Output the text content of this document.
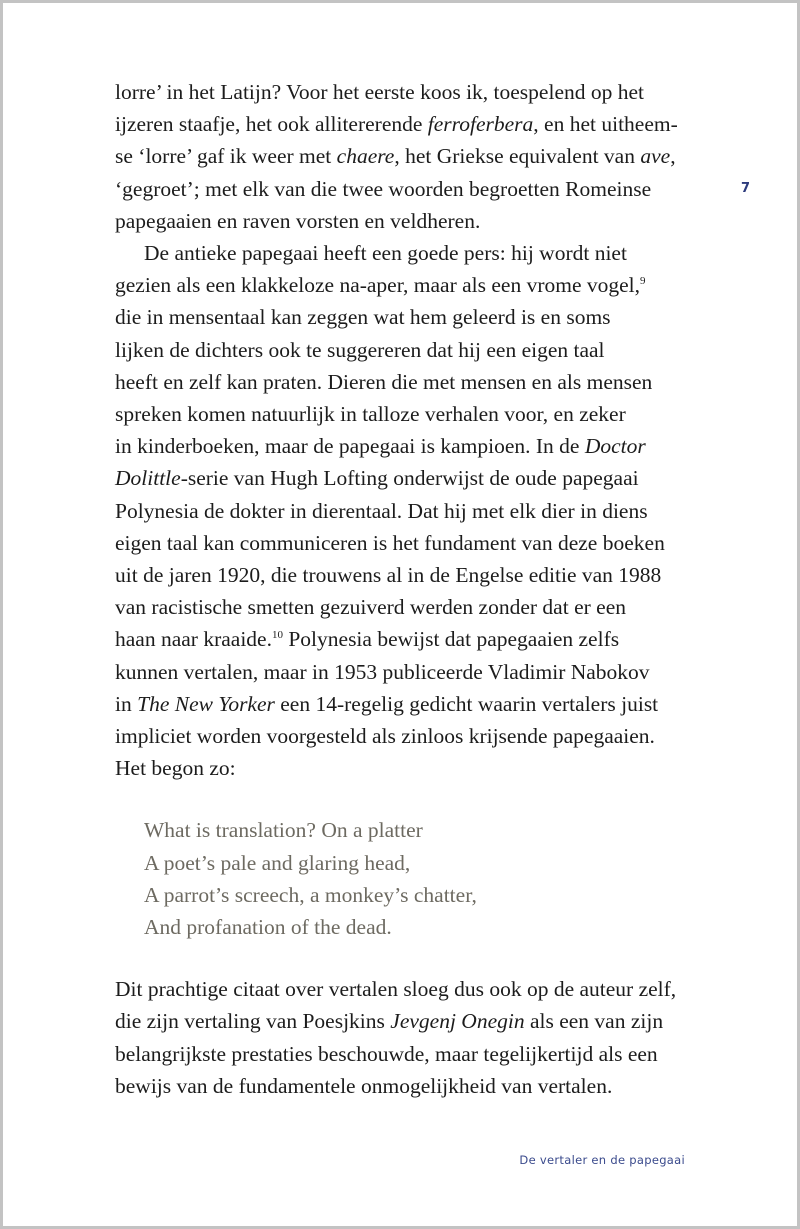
lorre’ in het Latijn? Voor het eerste koos ik, toespelend op het
ijzeren staafje, het ook allitererende ferroferbera, en het uitheem-
se ‘lorre’ gaf ik weer met chaere, het Griekse equivalent van ave,
‘gegroet’; met elk van die twee woorden begroetten Romeinse
papegaaien en raven vorsten en veldheren.
De antieke papegaai heeft een goede pers: hij wordt niet
gezien als een klakkeloze na-aper, maar als een vrome vogel,$^9$
die in mensentaal kan zeggen wat hem geleerd is en soms
lijken de dichters ook te suggereren dat hij een eigen taal
heeft en zelf kan praten. Dieren die met mensen en als mensen
spreken komen natuurlijk in talloze verhalen voor, en zeker
in kinderboeken, maar de papegaai is kampioen. In de Doctor
Dolittle-serie van Hugh Lofting onderwijst de oude papegaai
Polynesia de dokter in dierentaal. Dat hij met elk dier in diens
eigen taal kan communiceren is het fundament van deze boeken
uit de jaren 1920, die trouwens al in de Engelse editie van 1988
van racistische smetten gezuiverd werden zonder dat er een
haan naar kraaide.$^{10}$ Polynesia bewijst dat papegaaien zelfs
kunnen vertalen, maar in 1953 publiceerde Vladimir Nabokov
in The New Yorker een 14-regelig gedicht waarin vertalers juist
impliciet worden voorgesteld als zinloos krijsende papegaaien.
Het begon zo:
What is translation? On a platter
A poet’s pale and glaring head,
A parrot’s screech, a monkey’s chatter,
And profanation of the dead.
Dit prachtige citaat over vertalen sloeg dus ook op de auteur zelf,
die zijn vertaling van Poesjkins Jevgenj Onegin als een van zijn
belangrijkste prestaties beschouwde, maar tegelijkertijd als een
bewijs van de fundamentele onmogelijkheid van vertalen.
7
De vertaler en de papegaai
